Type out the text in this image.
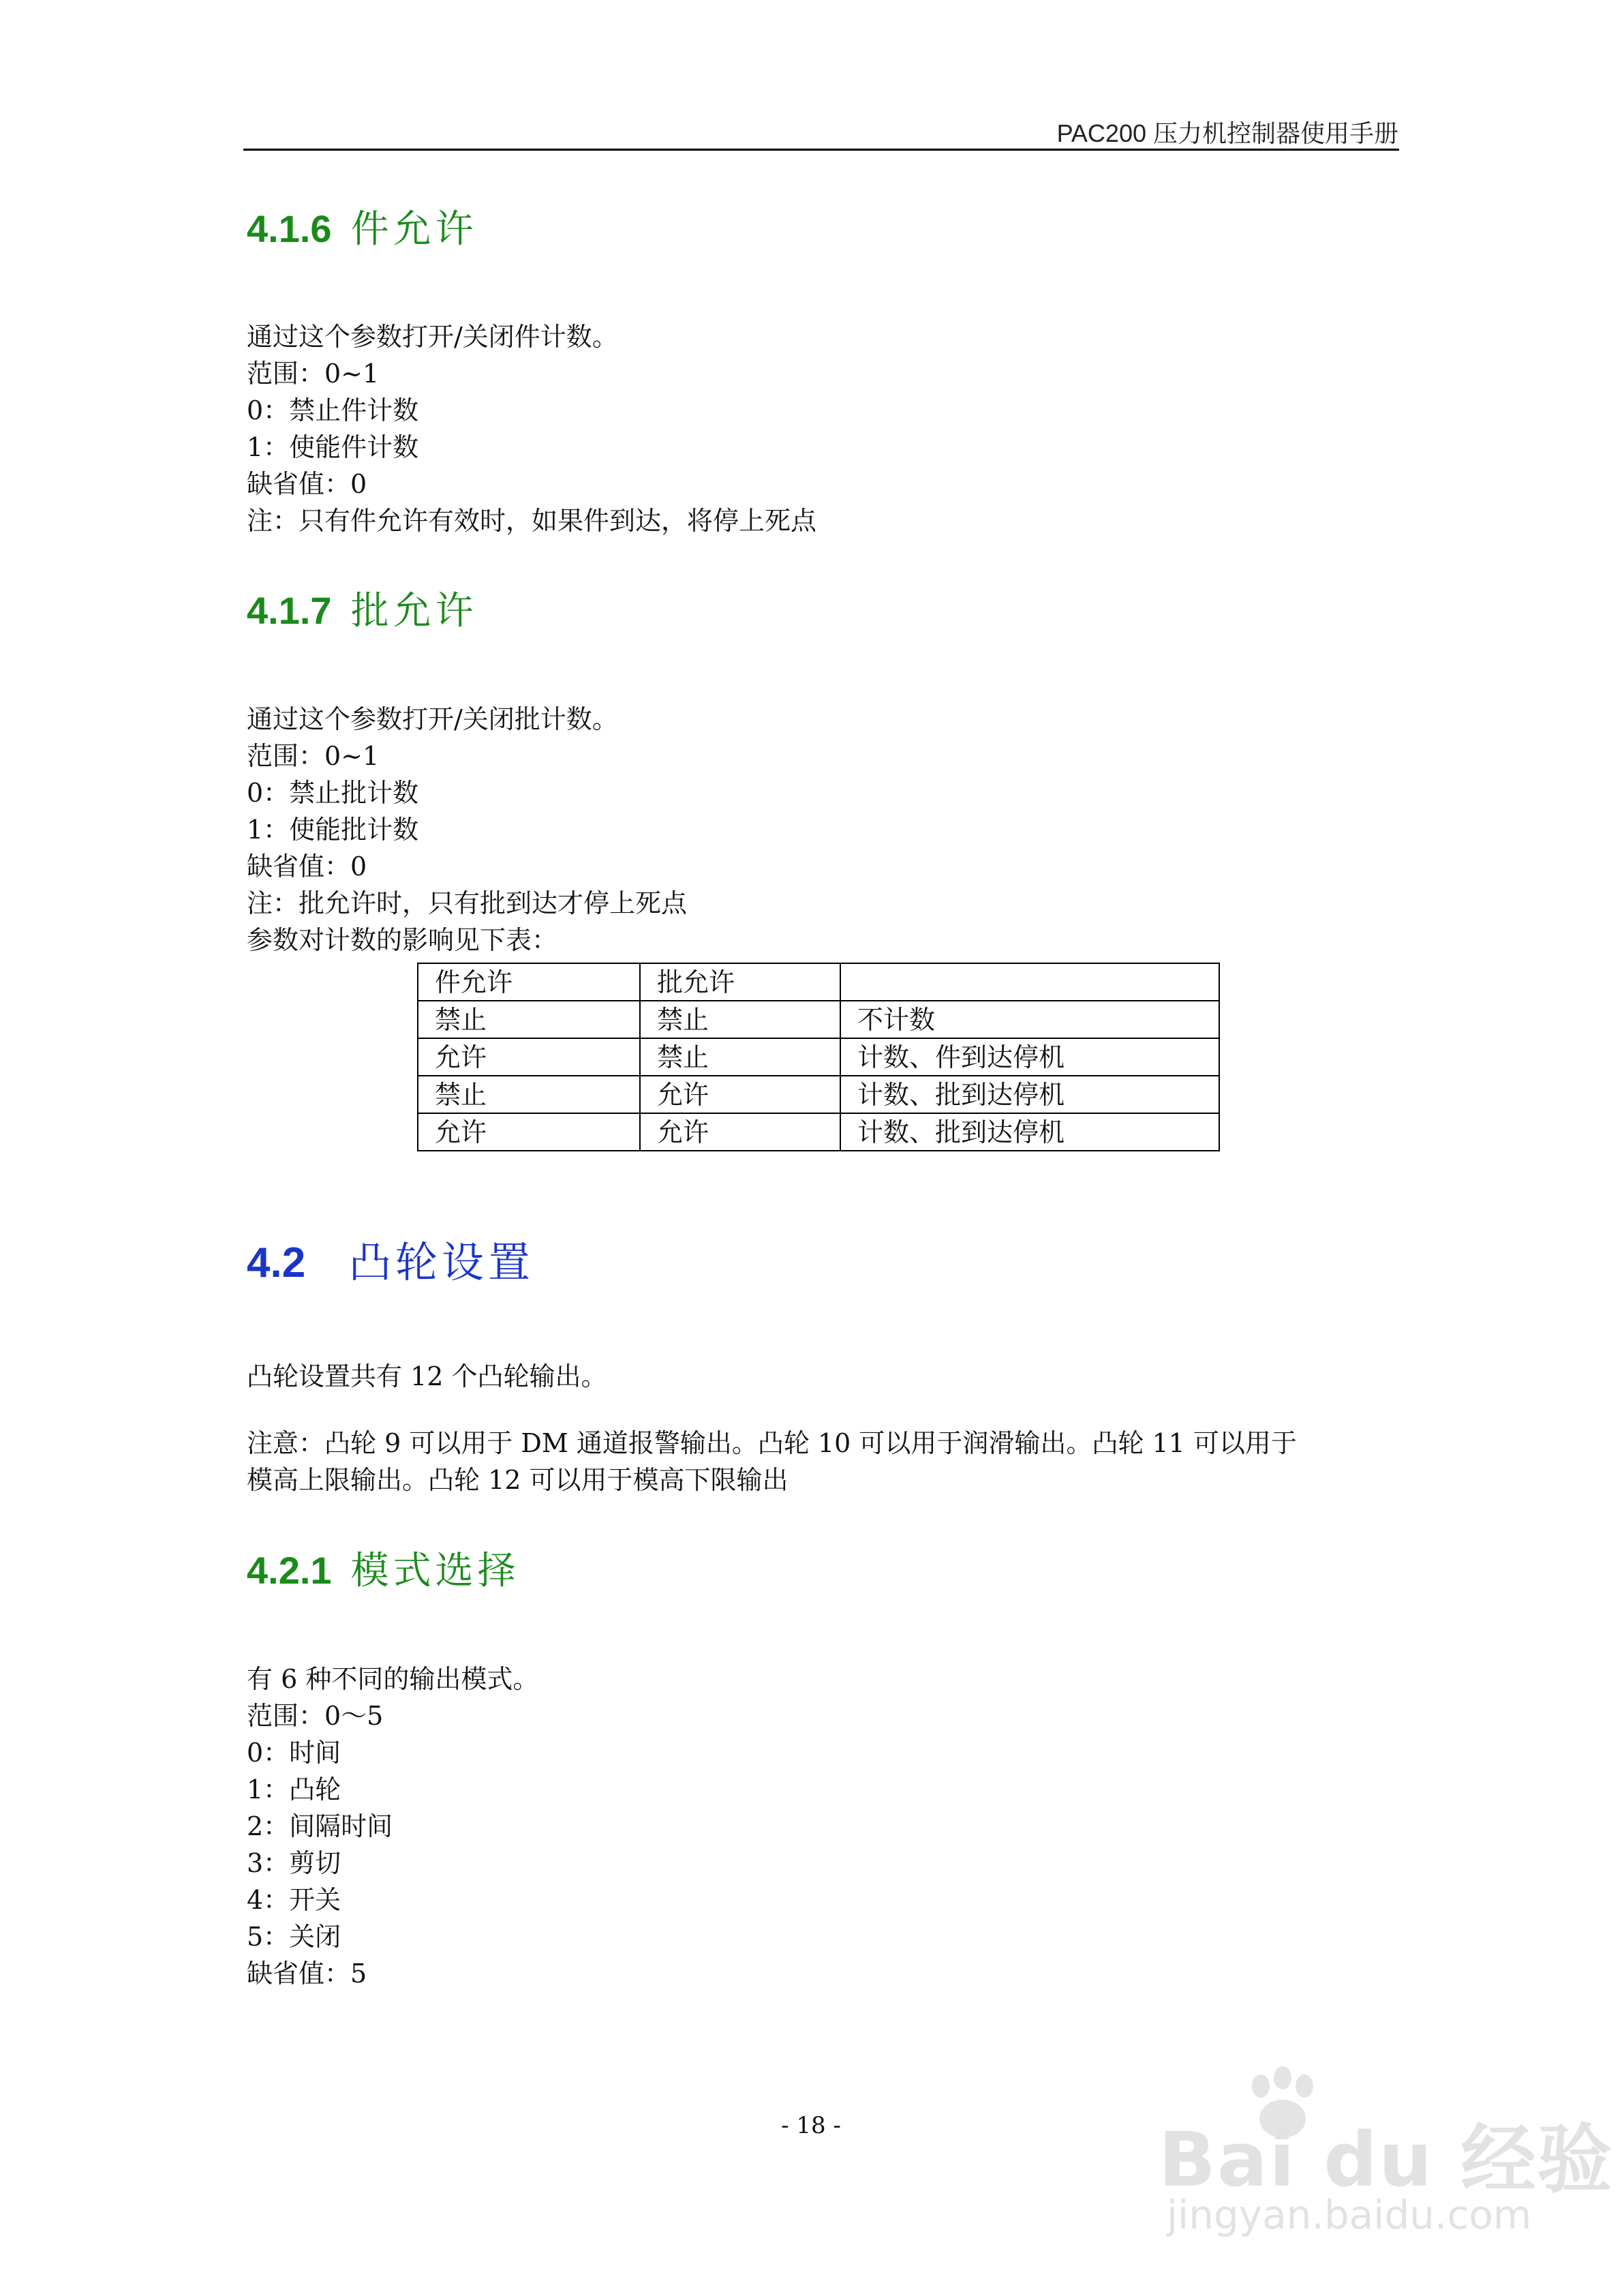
PAC200 压力机控制器使用手册
4.1.6 件允许
通过这个参数打开/关闭件计数。
范围：0~1
0：禁止件计数
1：使能件计数
缺省值：0
注：只有件允许有效时，如果件到达，将停上死点
4.1.7 批允许
通过这个参数打开/关闭批计数。
范围：0~1
0：禁止批计数
1：使能批计数
缺省值：0
注：批允许时，只有批到达才停上死点
参数对计数的影响见下表：
件允许	批允许	
禁止	禁止	不计数
允许	禁止	计数、件到达停机
禁止	允许	计数、批到达停机
允许	允许	计数、批到达停机
4.2 凸轮设置
凸轮设置共有 12 个凸轮输出。
注意：凸轮 9 可以用于 DM 通道报警输出。凸轮 10 可以用于润滑输出。凸轮 11 可以用于
模高上限输出。凸轮 12 可以用于模高下限输出
4.2.1 模式选择
有 6 种不同的输出模式。
范围：0～5
0：时间
1：凸轮
2：间隔时间
3：剪切
4：开关
5：关闭
缺省值：5
- 18 -	Bai du 经验
jingyan.baidu.com
